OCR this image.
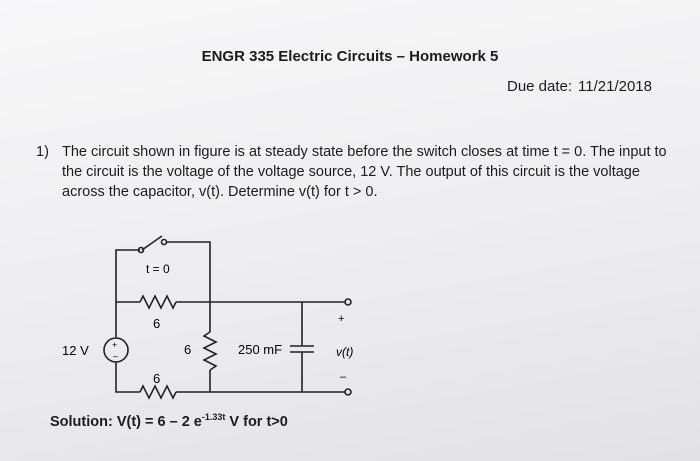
ENGR 335 Electric Circuits – Homework 5
Due date: 11/21/2018
1) The circuit shown in figure is at steady state before the switch closes at time t = 0. The input to the circuit is the voltage of the voltage source, 12 V. The output of this circuit is the voltage across the capacitor, v(t). Determine v(t) for t > 0.
t = 0
6
6
6
12 V	+
–	250 mF
+
v(t)
–
Solution: V(t) = 6 – 2 $e^{-1.33t}$ V for t>0
